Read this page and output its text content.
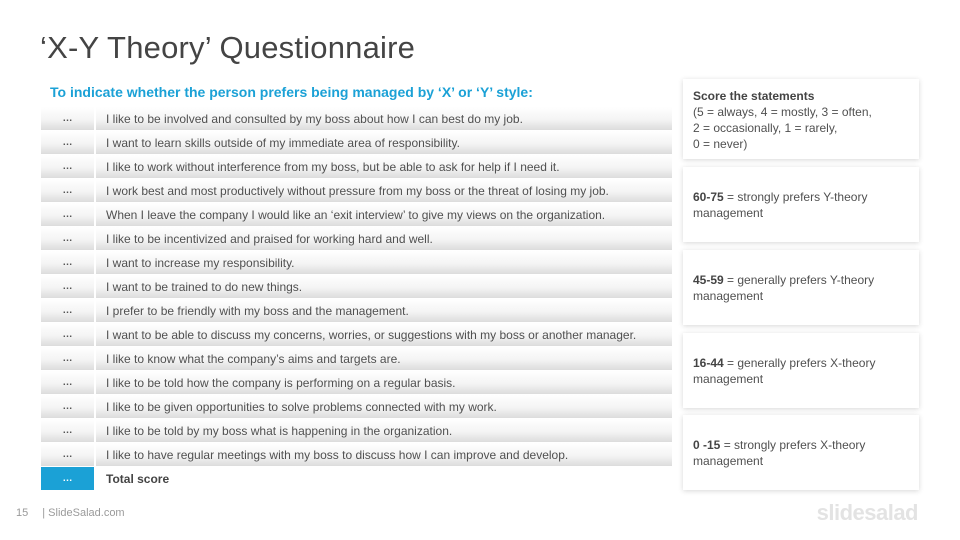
‘X-Y Theory’ Questionnaire
To indicate whether the person prefers being managed by ‘X’ or ‘Y’ style:
…	I like to be involved and consulted by my boss about how I can best do my job.
…	I want to learn skills outside of my immediate area of responsibility.
…	I like to work without interference from my boss, but be able to ask for help if I need it.
…	I work best and most productively without pressure from my boss or the threat of losing my job.
…	When I leave the company I would like an ‘exit interview’ to give my views on the organization.
…	I like to be incentivized and praised for working hard and well.
…	I want to increase my responsibility.
…	I want to be trained to do new things.
…	I prefer to be friendly with my boss and the management.
…	I want to be able to discuss my concerns, worries, or suggestions with my boss or another manager.
…	I like to know what the company’s aims and targets are.
…	I like to be told how the company is performing on a regular basis.
…	I like to be given opportunities to solve problems connected with my work.
…	I like to be told by my boss what is happening in the organization.
…	I like to have regular meetings with my boss to discuss how I can improve and develop.
…	Total score
Score the statements
(5 = always, 4 = mostly, 3 = often,
2 = occasionally, 1 = rarely,
0 = never)
60-75 = strongly prefers Y-theory management
45-59 = generally prefers Y-theory management
16-44 = generally prefers X-theory management
0 -15 = strongly prefers X-theory management
15 | SlideSalad.com	slidesalad
